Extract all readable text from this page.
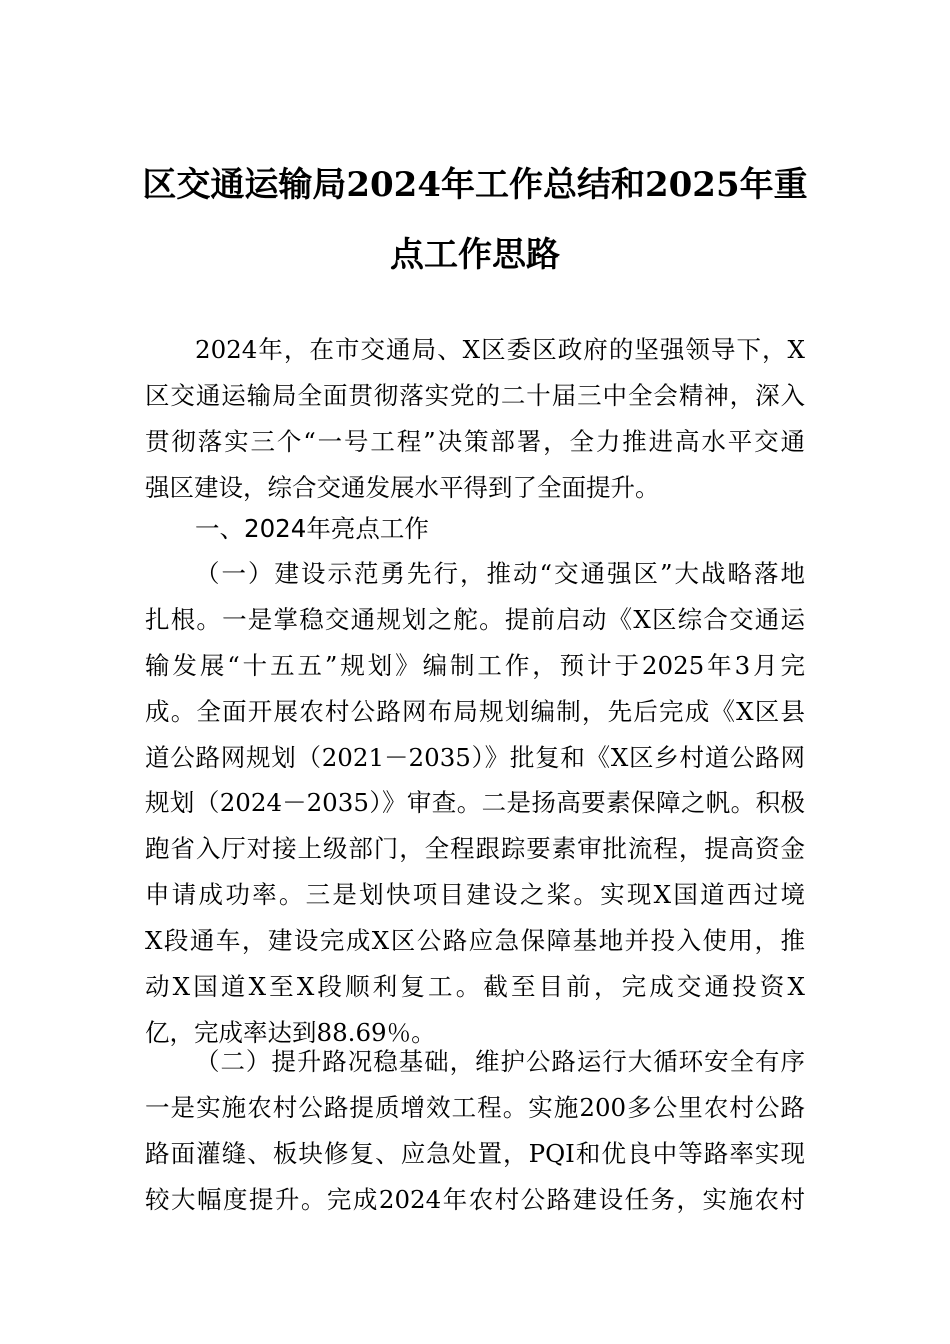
区交通运输局2024年工作总结和2025年重
点工作思路
2024年，在市交通局、X区委区政府的坚强领导下，X
区交通运输局全面贯彻落实党的二十届三中全会精神，深入
贯彻落实三个“一号工程”决策部署，全力推进高水平交通
强区建设，综合交通发展水平得到了全面提升。
一、2024年亮点工作
（一）建设示范勇先行，推动“交通强区”大战略落地
扎根。一是掌稳交通规划之舵。提前启动《X区综合交通运
输发展“十五五”规划》编制工作，预计于2025年3月完
成。全面开展农村公路网布局规划编制，先后完成《X区县
道公路网规划（2021－2035）》批复和《X区乡村道公路网
规划（2024－2035）》审查。二是扬高要素保障之帆。积极
跑省入厅对接上级部门，全程跟踪要素审批流程，提高资金
申请成功率。三是划快项目建设之桨。实现X国道西过境
X段通车，建设完成X区公路应急保障基地并投入使用，推
动X国道X至X段顺利复工。截至目前，完成交通投资X
亿，完成率达到88.69％。
（二）提升路况稳基础，维护公路运行大循环安全有序
一是实施农村公路提质增效工程。实施200多公里农村公路
路面灌缝、板块修复、应急处置，PQI和优良中等路率实现
较大幅度提升。完成2024年农村公路建设任务，实施农村
